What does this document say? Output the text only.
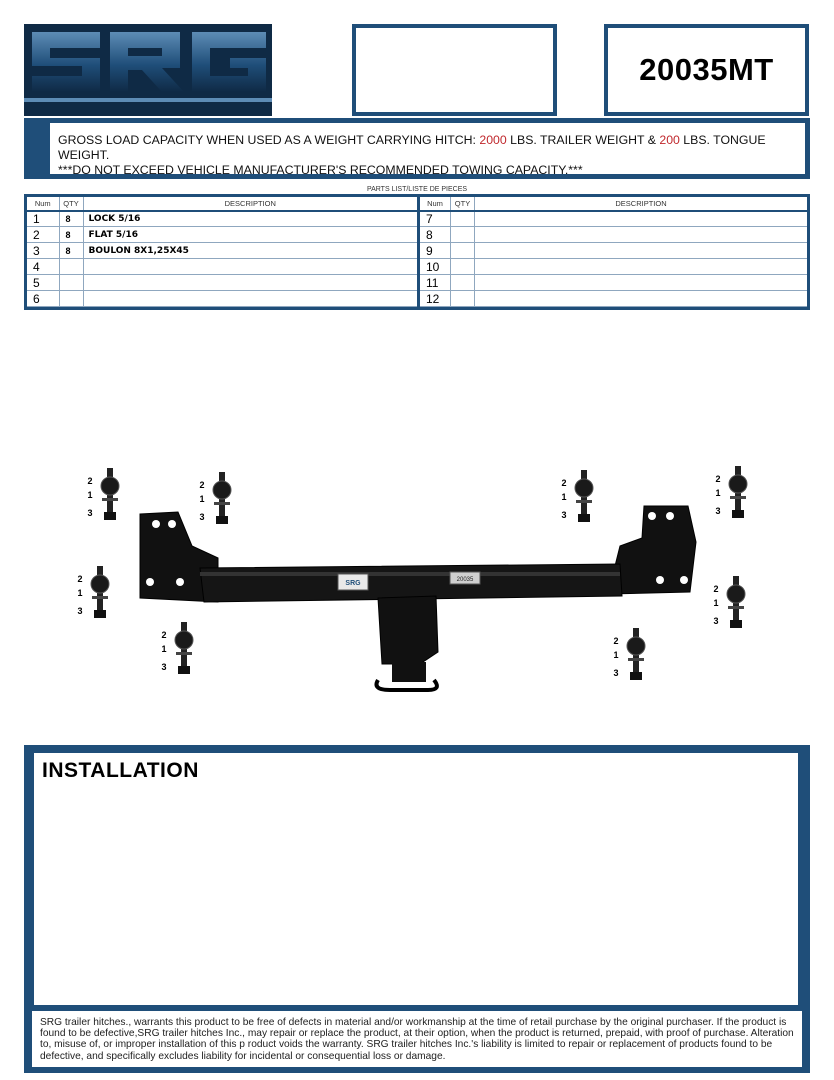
20035MT

GROSS LOAD CAPACITY WHEN USED AS A WEIGHT CARRYING HITCH: 2000 LBS. TRAILER WEIGHT & 200 LBS. TONGUE WEIGHT.

***DO NOT EXCEED VEHICLE MANUFACTURER'S RECOMMENDED TOWING CAPACITY.***

PARTS LIST/LISTE DE PIECES
Num	QTY	DESCRIPTION
1	8	LOCK 5/16
2	8	FLAT 5/16
3	8	BOULON 8X1,25X45
4		
5		
6		
Num	QTY	DESCRIPTION
7		
8		
9		
10		
11		
12		
SRG	20035
2
1
3
2
1
3
2
1
3
2
1
3
2
1
3
2
1
3
2
1
3
2
1
3
INSTALLATION

SRG trailer hitches., warrants this product to be free of defects in material and/or workmanship at the time of retail purchase by the original purchaser. If the product is found to be defective,SRG trailer hitches Inc., may repair or replace the product, at their option, when the product is returned, prepaid, with proof of purchase. Alteration to, misuse of, or improper installation of this p roduct voids the warranty. SRG trailer hitches Inc.'s liability is limited to repair or replacement of products found to be defective, and specifically excludes liability for incidental or consequential loss or damage.
